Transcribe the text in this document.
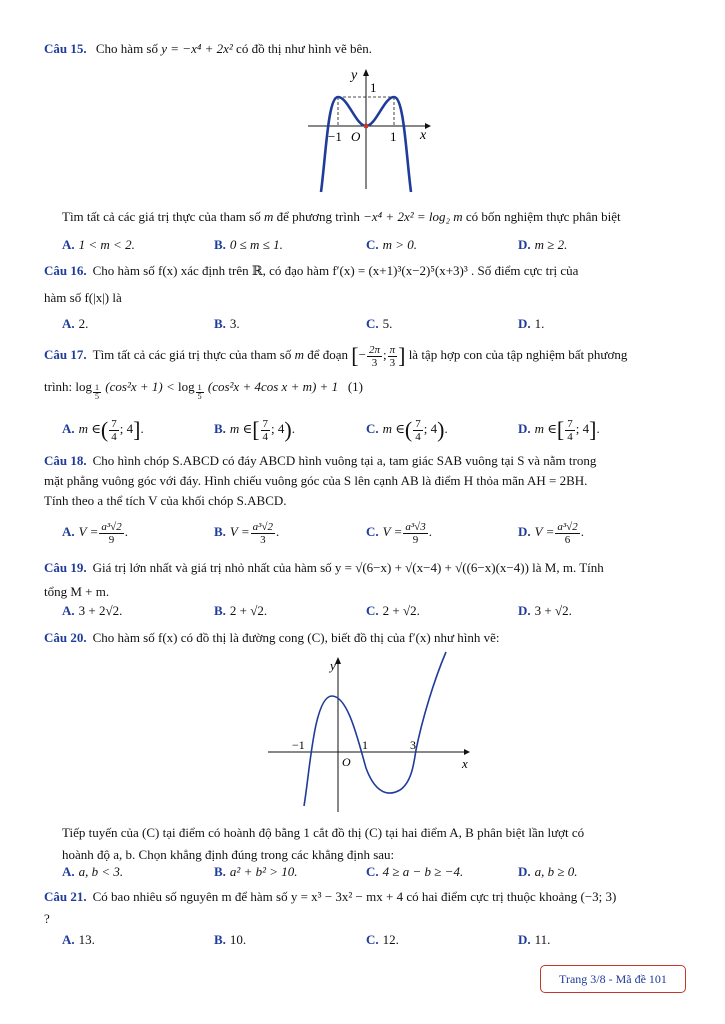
Câu 15. Cho hàm số y = −x⁴ + 2x² có đồ thị như hình vẽ bên.
y
1
−1 O 1 x
Tìm tất cả các giá trị thực của tham số m để phương trình −x⁴ + 2x² = log₂ m có bốn nghiệm thực phân biệt
A. 1 < m < 2.	B. 0 ≤ m ≤ 1.	C. m > 0.	D. m ≥ 2.
Câu 16. Cho hàm số f(x) xác định trên ℝ, có đạo hàm f′(x) = (x+1)³(x−2)⁵(x+3)³ . Số điểm cực trị của
hàm số f(|x|) là
A. 2.	B. 3.	C. 5.	D. 1.
Câu 17. Tìm tất cả các giá trị thực của tham số m để đoạn [− $\frac{2\pi}{3}$ ; $\frac{\pi}{3}$ ] là tập hợp con của tập nghiệm bất phương
trình: $\log \frac{1}{5} (\cos^2x + 1) < \log \frac{1}{5} (\cos^2x + 4\cos$ x + m) + 1 (1)
A. m ∈( $\frac{7}{4}$ ; 4].	B. m ∈[ $\frac{7}{4}$ ; 4).	C. m ∈( $\frac{7}{4}$ ; 4).	D. m ∈[ $\frac{7}{4}$ ; 4].
Câu 18. Cho hình chóp S.ABCD có đáy ABCD hình vuông tại a, tam giác SAB vuông tại S và nằm trong
mặt phẳng vuông góc với đáy. Hình chiếu vuông góc của S lên cạnh AB là điểm H thỏa mãn AH = 2BH.
Tính theo a thể tích V của khối chóp S.ABCD.
A. $V = \frac{\text{a³√2}}{9}$ .	B. $V = \frac{\text{a³√2}}{3}$ .	C. $V = \frac{\text{a³√3}}{9}$ .	D. $V = \frac{\text{a³√2}}{6}$ .
Câu 19. Giá trị lớn nhất và giá trị nhỏ nhất của hàm số y = √(6−x) + √(x−4) + √((6−x)(x−4)) là M, m. Tính
tổng M + m.
A. 3 + 2√2.	B. 2 + √2.	C. 2 + √2.	D. 3 + √2.
Câu 20. Cho hàm số f(x) có đồ thị là đường cong (C), biết đồ thị của f′(x) như hình vẽ:
y
−1	1	3
O	x
Tiếp tuyến của (C) tại điểm có hoành độ bằng 1 cắt đồ thị (C) tại hai điểm A, B phân biệt lần lượt có
hoành độ a, b. Chọn khẳng định đúng trong các khẳng định sau:
A. a, b < 3.	B. a² + b² > 10.	C. 4 ≥ a − b ≥ −4.	D. a, b ≥ 0.
Câu 21. Có bao nhiêu số nguyên m để hàm số y = x³ − 3x² − mx + 4 có hai điểm cực trị thuộc khoảng (−3; 3)
?
A. 13.	B. 10.	C. 12.	D. 11.
Trang 3/8 - Mã đề 101
